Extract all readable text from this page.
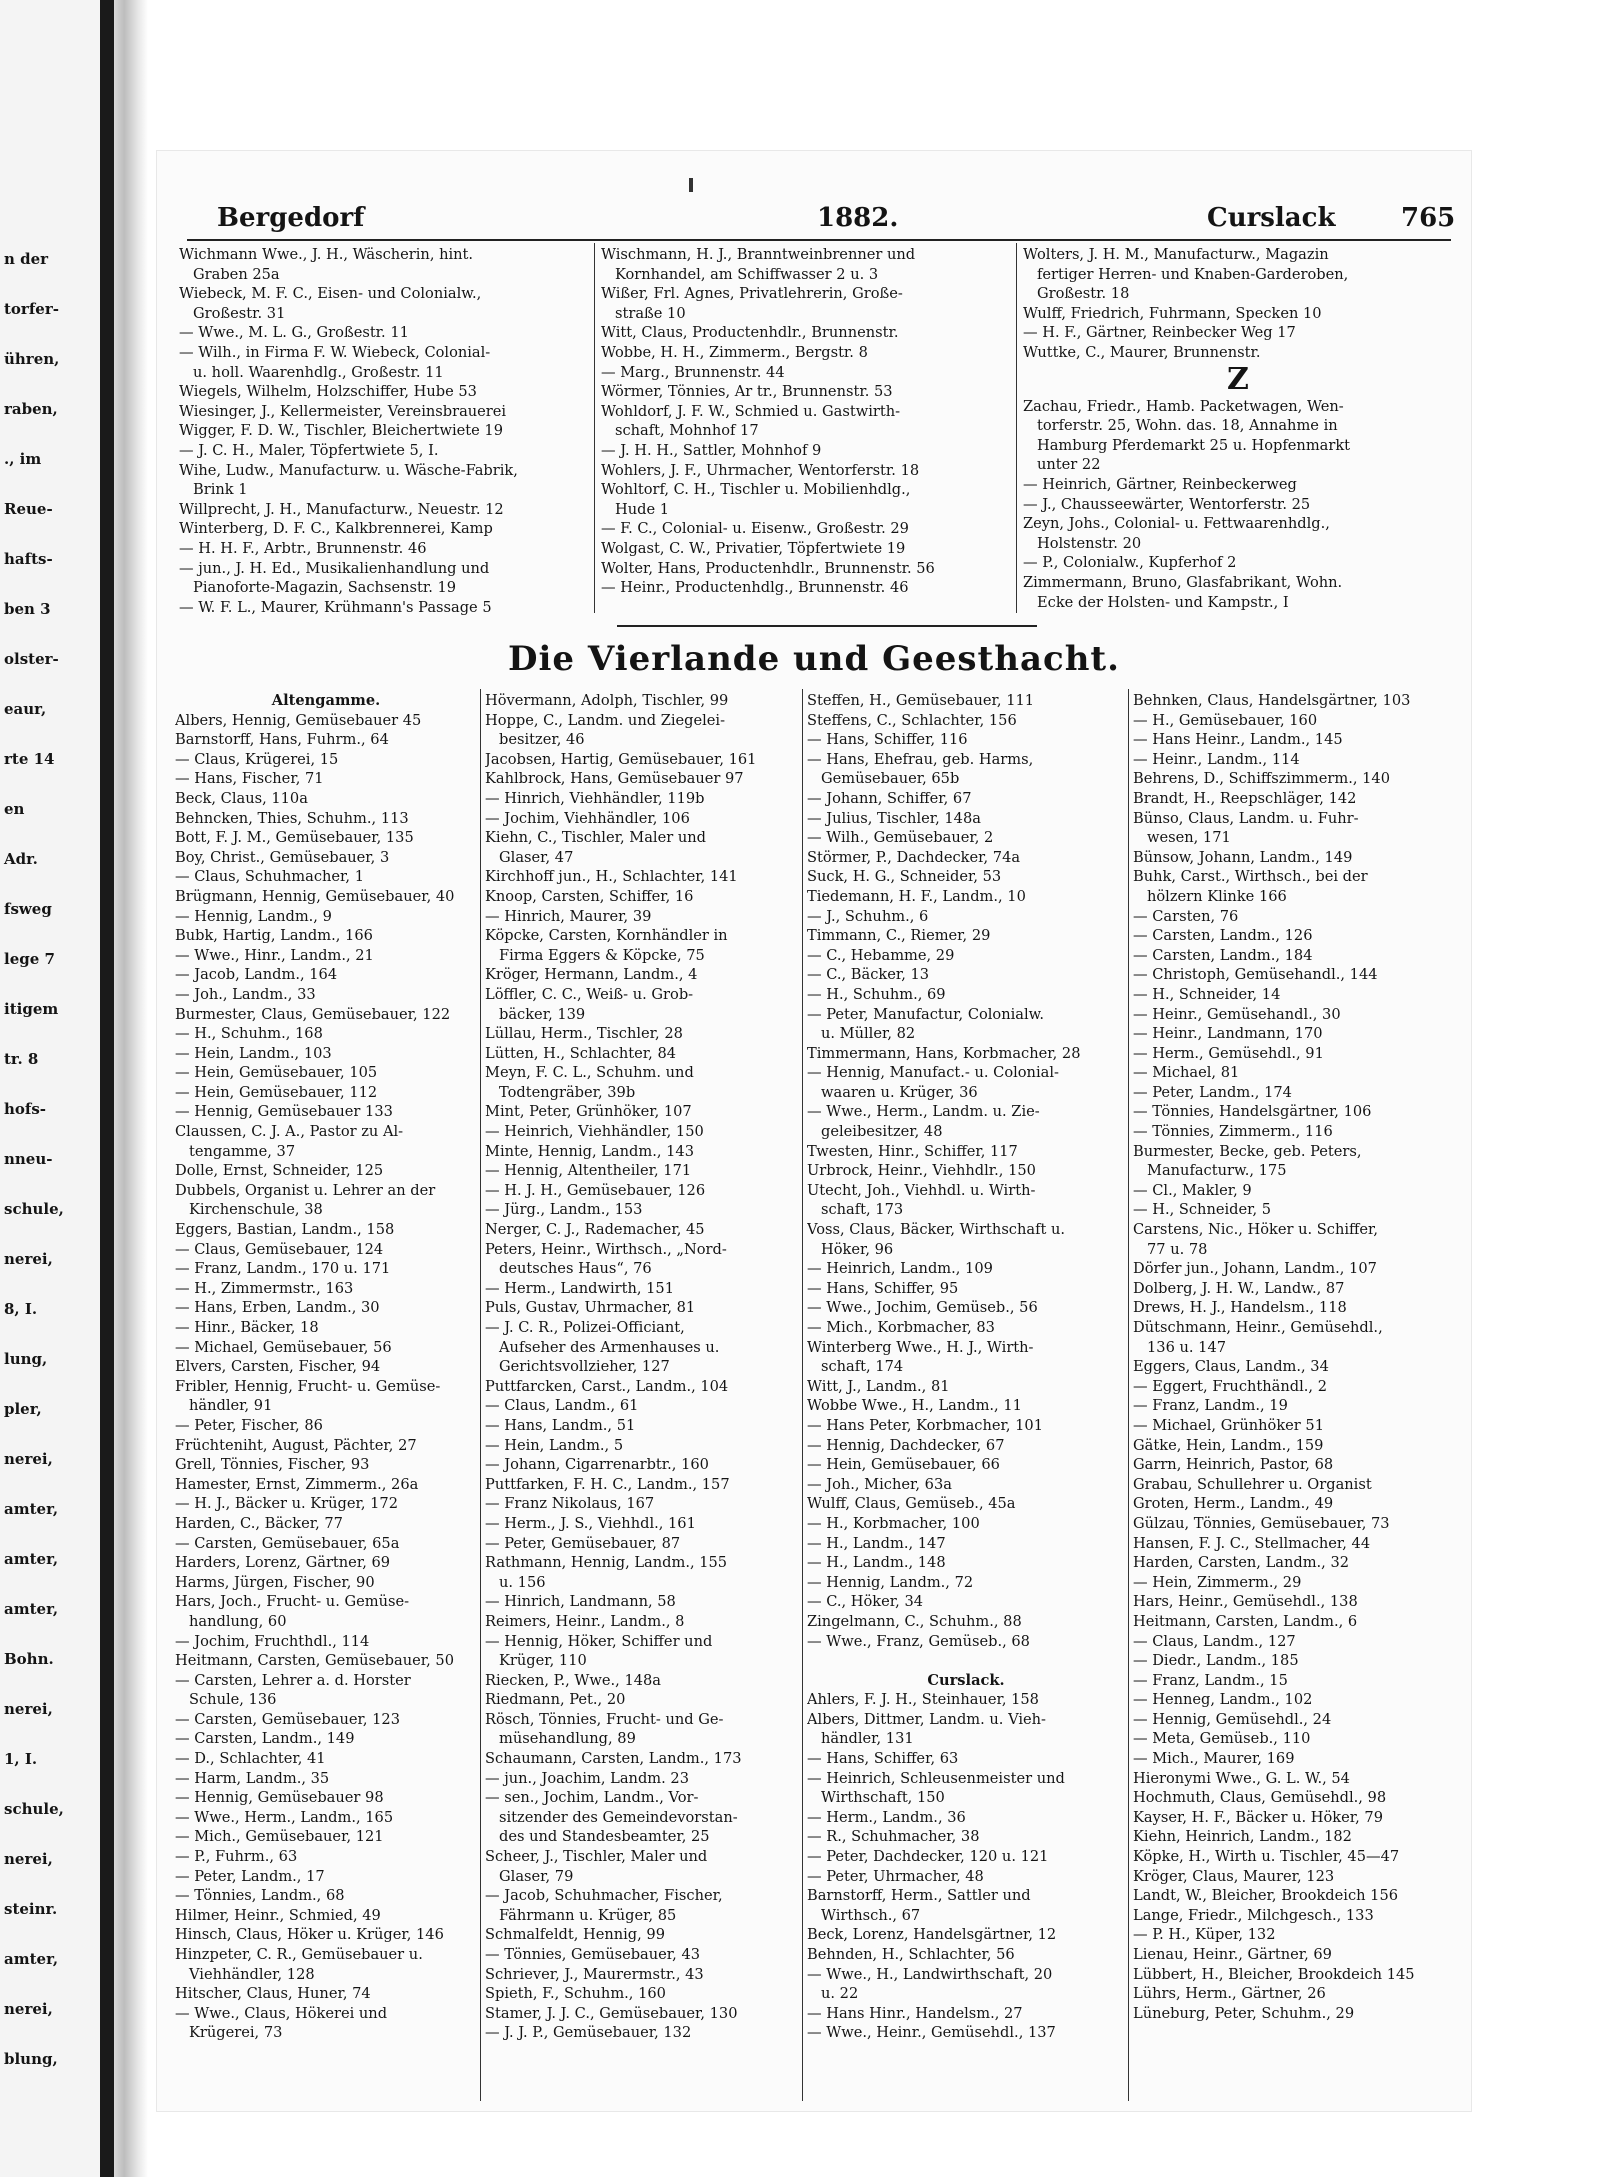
n der
torfer-
ühren,
raben,
., im
Reue-
hafts-
ben 3
olster-
eaur,
rte 14
en
Adr.
fsweg
lege 7
itigem
tr. 8
hofs-
nneu-
schule,
nerei,
8, I.
lung,
pler,
nerei,
amter,
amter,
amter,
Bohn.
nerei,
1, I.
schule,
nerei,
steinr.
amter,
nerei,
blung,
Bergedorf	1882.	Curslack	765
Wichmann Wwe., J. H., Wäscherin, hint.
Graben 25a
Wiebeck, M. F. C., Eisen- und Colonialw.,
Großestr. 31
— Wwe., M. L. G., Großestr. 11
— Wilh., in Firma F. W. Wiebeck, Colonial-
u. holl. Waarenhdlg., Großestr. 11
Wiegels, Wilhelm, Holzschiffer, Hube 53
Wiesinger, J., Kellermeister, Vereinsbrauerei
Wigger, F. D. W., Tischler, Bleichertwiete 19
— J. C. H., Maler, Töpfertwiete 5, I.
Wihe, Ludw., Manufacturw. u. Wäsche-Fabrik,
Brink 1
Willprecht, J. H., Manufacturw., Neuestr. 12
Winterberg, D. F. C., Kalkbrennerei, Kamp
— H. H. F., Arbtr., Brunnenstr. 46
— jun., J. H. Ed., Musikalienhandlung und
Pianoforte-Magazin, Sachsenstr. 19
— W. F. L., Maurer, Krühmann's Passage 5
Wischmann, H. J., Branntweinbrenner und
Kornhandel, am Schiffwasser 2 u. 3
Wißer, Frl. Agnes, Privatlehrerin, Große-
straße 10
Witt, Claus, Productenhdlr., Brunnenstr.
Wobbe, H. H., Zimmerm., Bergstr. 8
— Marg., Brunnenstr. 44
Wörmer, Tönnies, Ar tr., Brunnenstr. 53
Wohldorf, J. F. W., Schmied u. Gastwirth-
schaft, Mohnhof 17
— J. H. H., Sattler, Mohnhof 9
Wohlers, J. F., Uhrmacher, Wentorferstr. 18
Wohltorf, C. H., Tischler u. Mobilienhdlg.,
Hude 1
— F. C., Colonial- u. Eisenw., Großestr. 29
Wolgast, C. W., Privatier, Töpfertwiete 19
Wolter, Hans, Productenhdlr., Brunnenstr. 56
— Heinr., Productenhdlg., Brunnenstr. 46
Wolters, J. H. M., Manufacturw., Magazin
fertiger Herren- und Knaben-Garderoben,
Großestr. 18
Wulff, Friedrich, Fuhrmann, Specken 10
— H. F., Gärtner, Reinbecker Weg 17
Wuttke, C., Maurer, Brunnenstr.
Z
Zachau, Friedr., Hamb. Packetwagen, Wen-
torferstr. 25, Wohn. das. 18, Annahme in
Hamburg Pferdemarkt 25 u. Hopfenmarkt
unter 22
— Heinrich, Gärtner, Reinbeckerweg
— J., Chausseewärter, Wentorferstr. 25
Zeyn, Johs., Colonial- u. Fettwaarenhdlg.,
Holstenstr. 20
— P., Colonialw., Kupferhof 2
Zimmermann, Bruno, Glasfabrikant, Wohn.
Ecke der Holsten- und Kampstr., I
Die Vierlande und Geesthacht.
Altengamme.
Albers, Hennig, Gemüsebauer 45
Barnstorff, Hans, Fuhrm., 64
— Claus, Krügerei, 15
— Hans, Fischer, 71
Beck, Claus, 110a
Behncken, Thies, Schuhm., 113
Bott, F. J. M., Gemüsebauer, 135
Boy, Christ., Gemüsebauer, 3
— Claus, Schuhmacher, 1
Brügmann, Hennig, Gemüsebauer, 40
— Hennig, Landm., 9
Bubk, Hartig, Landm., 166
— Wwe., Hinr., Landm., 21
— Jacob, Landm., 164
— Joh., Landm., 33
Burmester, Claus, Gemüsebauer, 122
— H., Schuhm., 168
— Hein, Landm., 103
— Hein, Gemüsebauer, 105
— Hein, Gemüsebauer, 112
— Hennig, Gemüsebauer 133
Claussen, C. J. A., Pastor zu Al-
tengamme, 37
Dolle, Ernst, Schneider, 125
Dubbels, Organist u. Lehrer an der
Kirchenschule, 38
Eggers, Bastian, Landm., 158
— Claus, Gemüsebauer, 124
— Franz, Landm., 170 u. 171
— H., Zimmermstr., 163
— Hans, Erben, Landm., 30
— Hinr., Bäcker, 18
— Michael, Gemüsebauer, 56
Elvers, Carsten, Fischer, 94
Fribler, Hennig, Frucht- u. Gemüse-
händler, 91
— Peter, Fischer, 86
Früchteniht, August, Pächter, 27
Grell, Tönnies, Fischer, 93
Hamester, Ernst, Zimmerm., 26a
— H. J., Bäcker u. Krüger, 172
Harden, C., Bäcker, 77
— Carsten, Gemüsebauer, 65a
Harders, Lorenz, Gärtner, 69
Harms, Jürgen, Fischer, 90
Hars, Joch., Frucht- u. Gemüse-
handlung, 60
— Jochim, Fruchthdl., 114
Heitmann, Carsten, Gemüsebauer, 50
— Carsten, Lehrer a. d. Horster
Schule, 136
— Carsten, Gemüsebauer, 123
— Carsten, Landm., 149
— D., Schlachter, 41
— Harm, Landm., 35
— Hennig, Gemüsebauer 98
— Wwe., Herm., Landm., 165
— Mich., Gemüsebauer, 121
— P., Fuhrm., 63
— Peter, Landm., 17
— Tönnies, Landm., 68
Hilmer, Heinr., Schmied, 49
Hinsch, Claus, Höker u. Krüger, 146
Hinzpeter, C. R., Gemüsebauer u.
Viehhändler, 128
Hitscher, Claus, Huner, 74
— Wwe., Claus, Hökerei und
Krügerei, 73
Hövermann, Adolph, Tischler, 99
Hoppe, C., Landm. und Ziegelei-
besitzer, 46
Jacobsen, Hartig, Gemüsebauer, 161
Kahlbrock, Hans, Gemüsebauer 97
— Hinrich, Viehhändler, 119b
— Jochim, Viehhändler, 106
Kiehn, C., Tischler, Maler und
Glaser, 47
Kirchhoff jun., H., Schlachter, 141
Knoop, Carsten, Schiffer, 16
— Hinrich, Maurer, 39
Köpcke, Carsten, Kornhändler in
Firma Eggers & Köpcke, 75
Kröger, Hermann, Landm., 4
Löffler, C. C., Weiß- u. Grob-
bäcker, 139
Lüllau, Herm., Tischler, 28
Lütten, H., Schlachter, 84
Meyn, F. C. L., Schuhm. und
Todtengräber, 39b
Mint, Peter, Grünhöker, 107
— Heinrich, Viehhändler, 150
Minte, Hennig, Landm., 143
— Hennig, Altentheiler, 171
— H. J. H., Gemüsebauer, 126
— Jürg., Landm., 153
Nerger, C. J., Rademacher, 45
Peters, Heinr., Wirthsch., „Nord-
deutsches Haus“, 76
— Herm., Landwirth, 151
Puls, Gustav, Uhrmacher, 81
— J. C. R., Polizei-Officiant,
Aufseher des Armenhauses u.
Gerichtsvollzieher, 127
Puttfarcken, Carst., Landm., 104
— Claus, Landm., 61
— Hans, Landm., 51
— Hein, Landm., 5
— Johann, Cigarrenarbtr., 160
Puttfarken, F. H. C., Landm., 157
— Franz Nikolaus, 167
— Herm., J. S., Viehhdl., 161
— Peter, Gemüsebauer, 87
Rathmann, Hennig, Landm., 155
u. 156
— Hinrich, Landmann, 58
Reimers, Heinr., Landm., 8
— Hennig, Höker, Schiffer und
Krüger, 110
Riecken, P., Wwe., 148a
Riedmann, Pet., 20
Rösch, Tönnies, Frucht- und Ge-
müsehandlung, 89
Schaumann, Carsten, Landm., 173
— jun., Joachim, Landm. 23
— sen., Jochim, Landm., Vor-
sitzender des Gemeindevorstan-
des und Standesbeamter, 25
Scheer, J., Tischler, Maler und
Glaser, 79
— Jacob, Schuhmacher, Fischer,
Fährmann u. Krüger, 85
Schmalfeldt, Hennig, 99
— Tönnies, Gemüsebauer, 43
Schriever, J., Maurermstr., 43
Spieth, F., Schuhm., 160
Stamer, J. J. C., Gemüsebauer, 130
— J. J. P., Gemüsebauer, 132
Steffen, H., Gemüsebauer, 111
Steffens, C., Schlachter, 156
— Hans, Schiffer, 116
— Hans, Ehefrau, geb. Harms,
Gemüsebauer, 65b
— Johann, Schiffer, 67
— Julius, Tischler, 148a
— Wilh., Gemüsebauer, 2
Störmer, P., Dachdecker, 74a
Suck, H. G., Schneider, 53
Tiedemann, H. F., Landm., 10
— J., Schuhm., 6
Timmann, C., Riemer, 29
— C., Hebamme, 29
— C., Bäcker, 13
— H., Schuhm., 69
— Peter, Manufactur, Colonialw.
u. Müller, 82
Timmermann, Hans, Korbmacher, 28
— Hennig, Manufact.- u. Colonial-
waaren u. Krüger, 36
— Wwe., Herm., Landm. u. Zie-
geleibesitzer, 48
Twesten, Hinr., Schiffer, 117
Urbrock, Heinr., Viehhdlr., 150
Utecht, Joh., Viehhdl. u. Wirth-
schaft, 173
Voss, Claus, Bäcker, Wirthschaft u.
Höker, 96
— Heinrich, Landm., 109
— Hans, Schiffer, 95
— Wwe., Jochim, Gemüseb., 56
— Mich., Korbmacher, 83
Winterberg Wwe., H. J., Wirth-
schaft, 174
Witt, J., Landm., 81
Wobbe Wwe., H., Landm., 11
— Hans Peter, Korbmacher, 101
— Hennig, Dachdecker, 67
— Hein, Gemüsebauer, 66
— Joh., Micher, 63a
Wulff, Claus, Gemüseb., 45a
— H., Korbmacher, 100
— H., Landm., 147
— H., Landm., 148
— Hennig, Landm., 72
— C., Höker, 34
Zingelmann, C., Schuhm., 88
— Wwe., Franz, Gemüseb., 68

Curslack.
Ahlers, F. J. H., Steinhauer, 158
Albers, Dittmer, Landm. u. Vieh-
händler, 131
— Hans, Schiffer, 63
— Heinrich, Schleusenmeister und
Wirthschaft, 150
— Herm., Landm., 36
— R., Schuhmacher, 38
— Peter, Dachdecker, 120 u. 121
— Peter, Uhrmacher, 48
Barnstorff, Herm., Sattler und
Wirthsch., 67
Beck, Lorenz, Handelsgärtner, 12
Behnden, H., Schlachter, 56
— Wwe., H., Landwirthschaft, 20
u. 22
— Hans Hinr., Handelsm., 27
— Wwe., Heinr., Gemüsehdl., 137
Behnken, Claus, Handelsgärtner, 103
— H., Gemüsebauer, 160
— Hans Heinr., Landm., 145
— Heinr., Landm., 114
Behrens, D., Schiffszimmerm., 140
Brandt, H., Reepschläger, 142
Bünso, Claus, Landm. u. Fuhr-
wesen, 171
Bünsow, Johann, Landm., 149
Buhk, Carst., Wirthsch., bei der
hölzern Klinke 166
— Carsten, 76
— Carsten, Landm., 126
— Carsten, Landm., 184
— Christoph, Gemüsehandl., 144
— H., Schneider, 14
— Heinr., Gemüsehandl., 30
— Heinr., Landmann, 170
— Herm., Gemüsehdl., 91
— Michael, 81
— Peter, Landm., 174
— Tönnies, Handelsgärtner, 106
— Tönnies, Zimmerm., 116
Burmester, Becke, geb. Peters,
Manufacturw., 175
— Cl., Makler, 9
— H., Schneider, 5
Carstens, Nic., Höker u. Schiffer,
77 u. 78
Dörfer jun., Johann, Landm., 107
Dolberg, J. H. W., Landw., 87
Drews, H. J., Handelsm., 118
Dütschmann, Heinr., Gemüsehdl.,
136 u. 147
Eggers, Claus, Landm., 34
— Eggert, Fruchthändl., 2
— Franz, Landm., 19
— Michael, Grünhöker 51
Gätke, Hein, Landm., 159
Garrn, Heinrich, Pastor, 68
Grabau, Schullehrer u. Organist
Groten, Herm., Landm., 49
Gülzau, Tönnies, Gemüsebauer, 73
Hansen, F. J. C., Stellmacher, 44
Harden, Carsten, Landm., 32
— Hein, Zimmerm., 29
Hars, Heinr., Gemüsehdl., 138
Heitmann, Carsten, Landm., 6
— Claus, Landm., 127
— Diedr., Landm., 185
— Franz, Landm., 15
— Henneg, Landm., 102
— Hennig, Gemüsehdl., 24
— Meta, Gemüseb., 110
— Mich., Maurer, 169
Hieronymi Wwe., G. L. W., 54
Hochmuth, Claus, Gemüsehdl., 98
Kayser, H. F., Bäcker u. Höker, 79
Kiehn, Heinrich, Landm., 182
Köpke, H., Wirth u. Tischler, 45—47
Kröger, Claus, Maurer, 123
Landt, W., Bleicher, Brookdeich 156
Lange, Friedr., Milchgesch., 133
— P. H., Küper, 132
Lienau, Heinr., Gärtner, 69
Lübbert, H., Bleicher, Brookdeich 145
Lührs, Herm., Gärtner, 26
Lüneburg, Peter, Schuhm., 29
